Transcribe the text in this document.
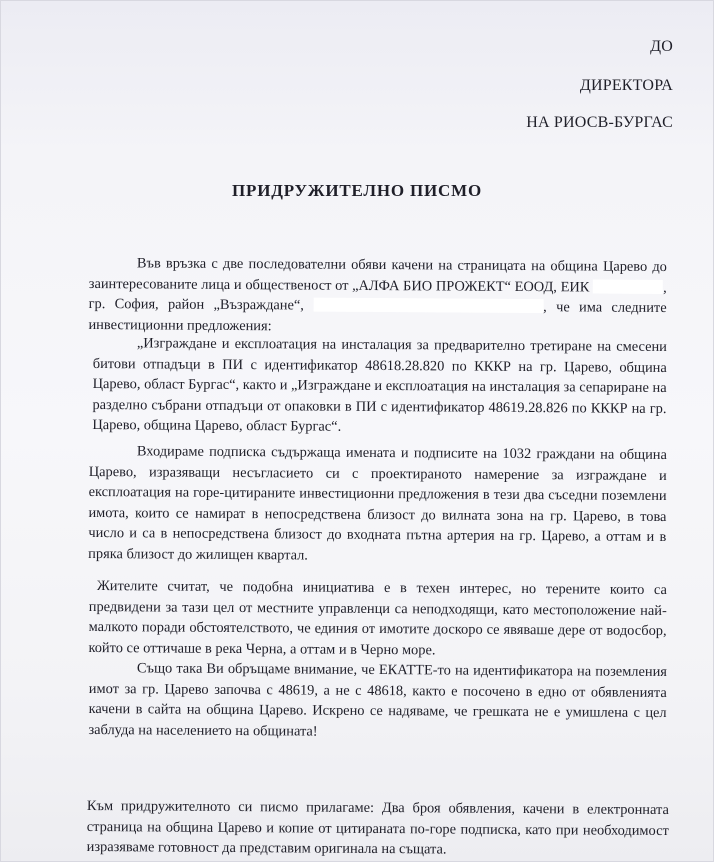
ДО
ДИРЕКТОРА
НА РИОСВ-БУРГАС
ПРИДРУЖИТЕЛНО ПИСМО

Във връзка с две последователни обяви качени на страницата на община Царево до заинтересованите лица и общественост от „АЛФА БИО ПРОЖЕКТ“ ЕООД, ЕИК	, гр. София, район „Възраждане“,	, че има следните инвестиционни предложения:

„Изграждане и експлоатация на инсталация за предварително третиране на смесени битови отпадъци в ПИ с идентификатор 48618.28.820 по КККР на гр. Царево, община Царево, област Бургас“, както и „Изграждане и експлоатация на инсталация за сепариране на разделно събрани отпадъци от опаковки в ПИ с идентификатор 48619.28.826 по КККР на гр. Царево, община Царево, област Бургас“.

Входираме подписка съдържаща имената и подписите на 1032 граждани на община Царево, изразяващи несъгласието си с проектираното намерение за изграждане и експлоатация на горе-цитираните инвестиционни предложения в тези два съседни поземлени имота, които се намират в непосредствена близост до вилната зона на гр. Царево, в това число и са в непосредствена близост до входната пътна артерия на гр. Царево, а оттам и в пряка близост до жилищен квартал.

Жителите считат, че подобна инициатива е в техен интерес, но терените които са предвидени за тази цел от местните управленци са неподходящи, като местоположение най-малкото поради обстоятелството, че единия от имотите доскоро се явяваше дере от водосбор, който се оттичаше в река Черна, а оттам и в Черно море.

Също така Ви обръщаме внимание, че ЕКАТТЕ-то на идентификатора на поземления имот за гр. Царево започва с 48619, а не с 48618, както е посочено в едно от обявленията качени в сайта на община Царево. Искрено се надяваме, че грешката не е умишлена с цел заблуда на населението на общината!

Към придружителното си писмо прилагаме: Два броя обявления, качени в електронната страница на община Царево и копие от цитираната по-горе подписка, като при необходимост изразяваме готовност да представим оригинала на същата.
